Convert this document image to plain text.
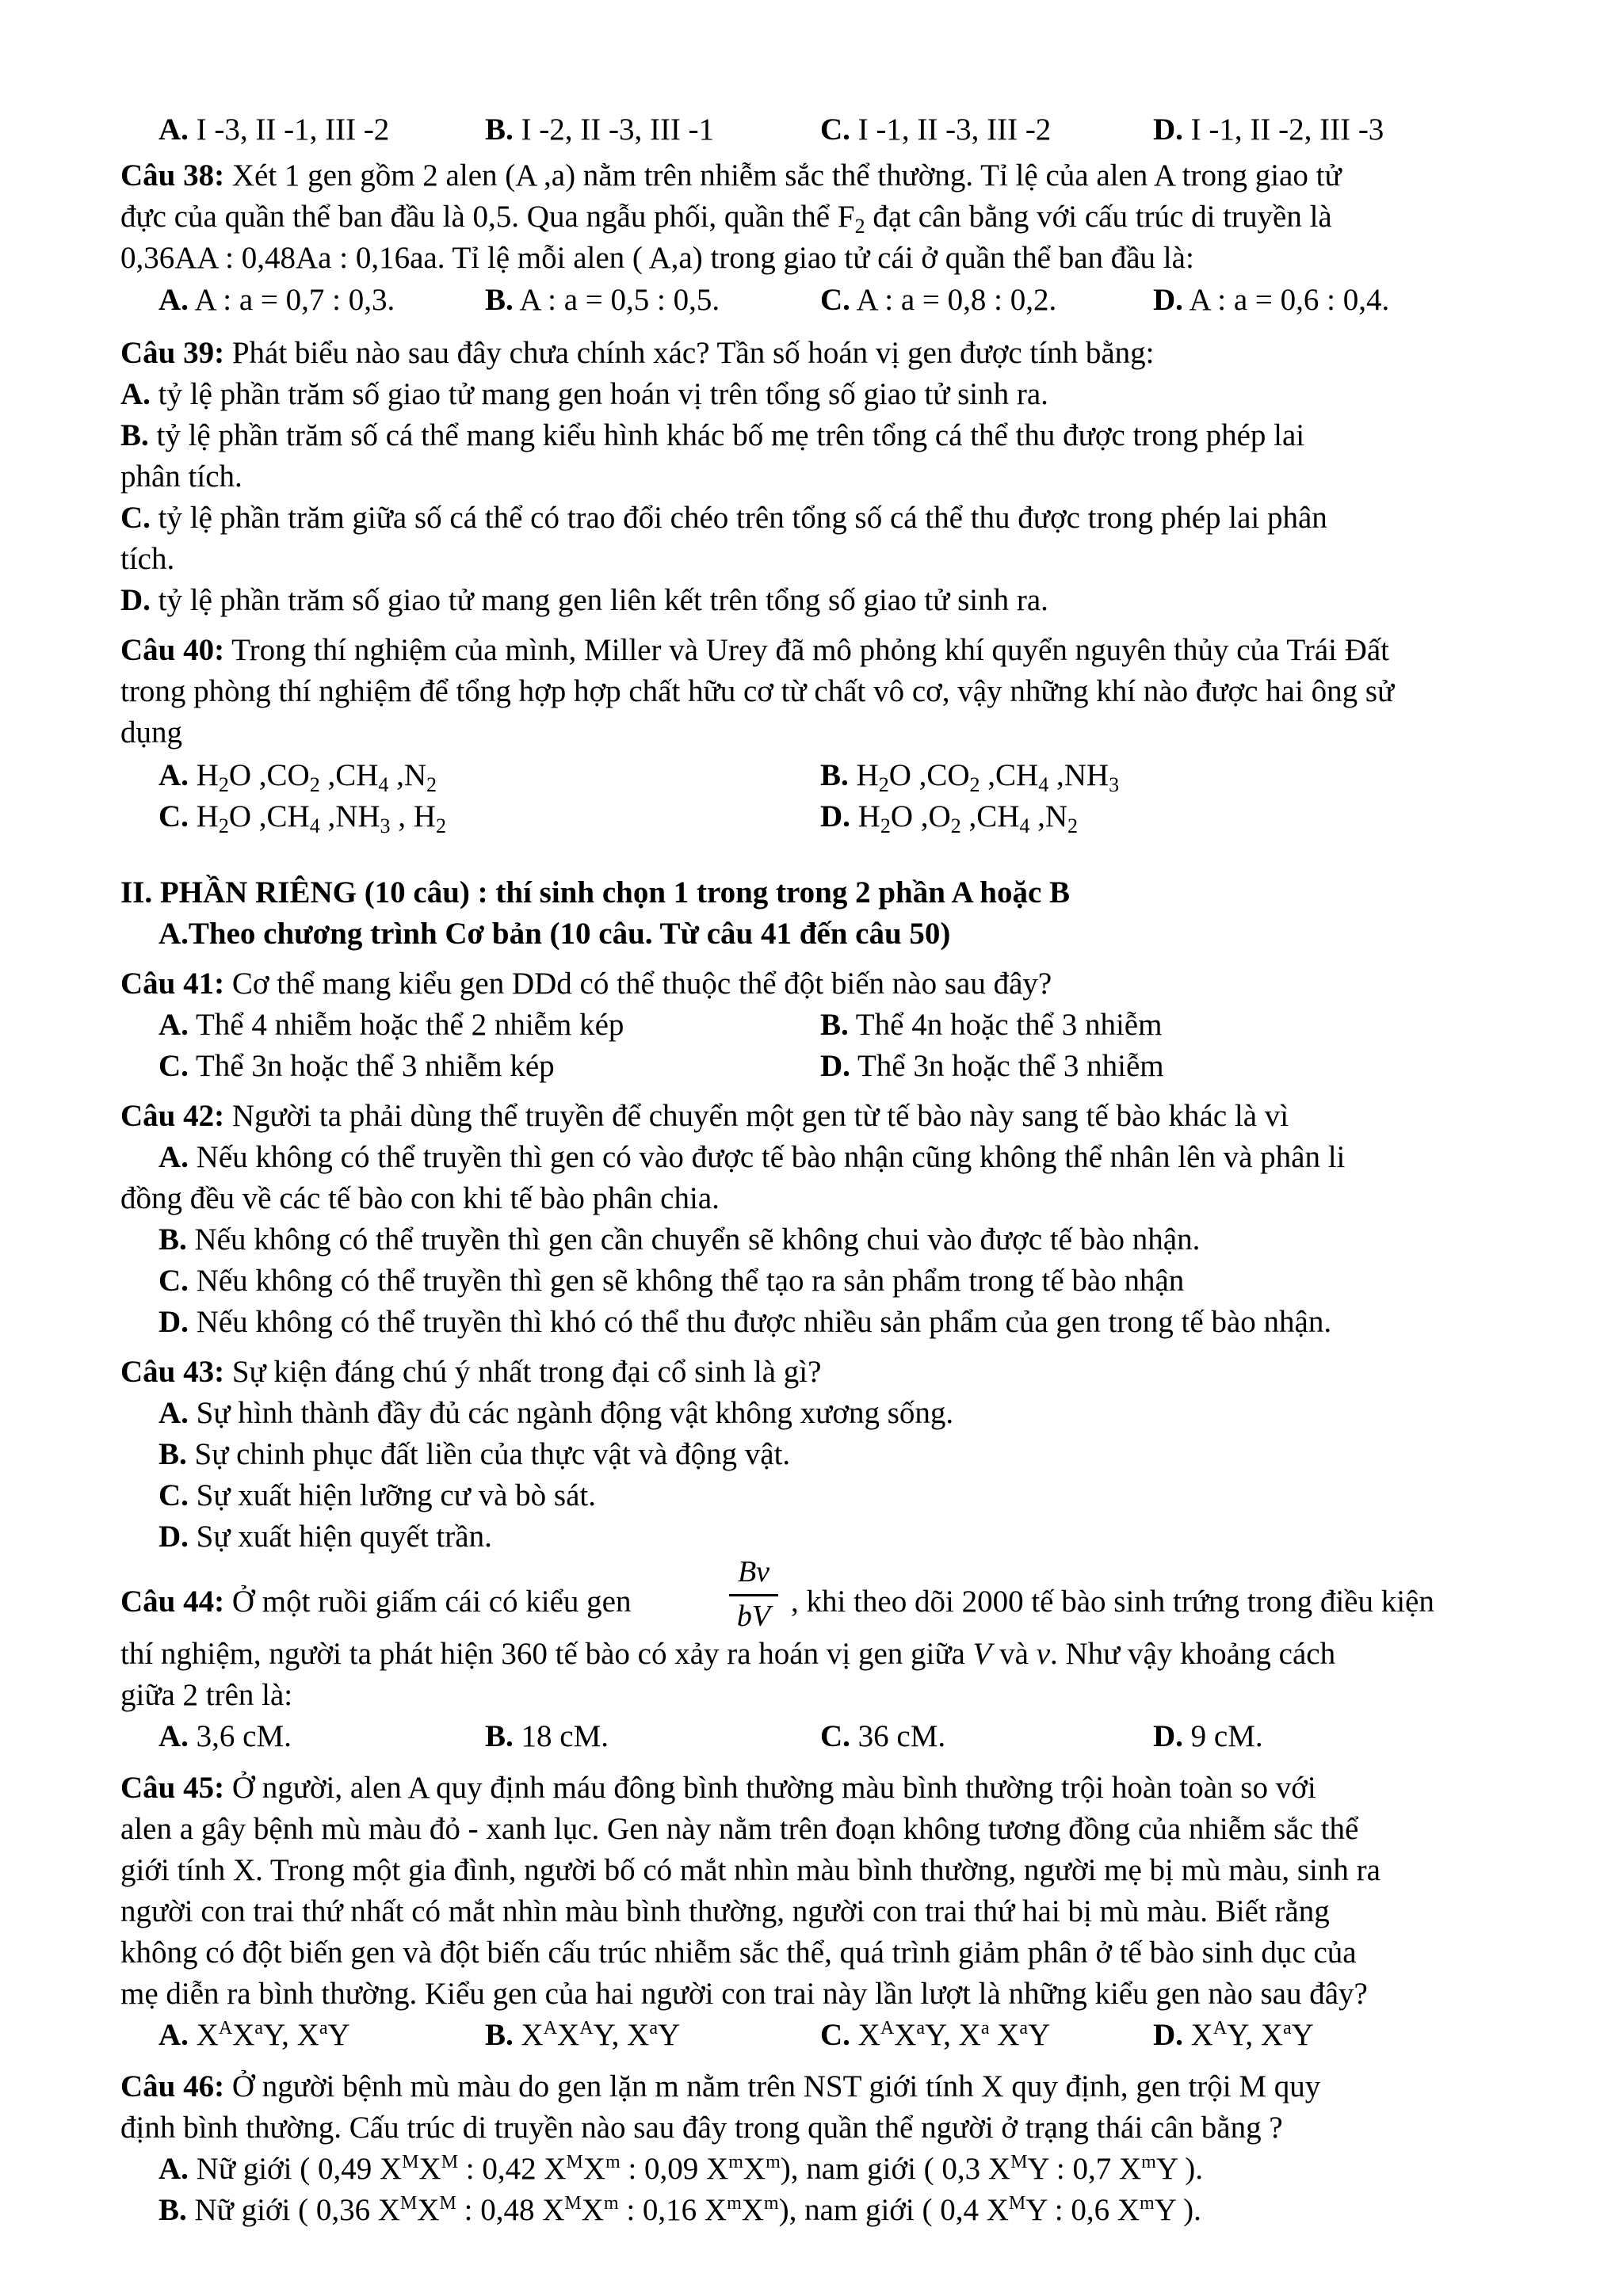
A. I -3, II -1, III -2	B. I -2, II -3, III -1	C. I -1, II -3, III -2	D. I -1, II -2, III -3
Câu 38: Xét 1 gen gồm 2 alen (A ,a) nằm trên nhiễm sắc thể thường. Tỉ lệ của alen A trong giao tử
đực của quần thể ban đầu là 0,5. Qua ngẫu phối, quần thể $F_2$ đạt cân bằng với cấu trúc di truyền là
0,36AA : 0,48Aa : 0,16aa. Tỉ lệ mỗi alen ( A,a) trong giao tử cái ở quần thể ban đầu là:
A. A : a = 0,7 : 0,3.	B. A : a = 0,5 : 0,5.	C. A : a = 0,8 : 0,2.	D. A : a = 0,6 : 0,4.
Câu 39: Phát biểu nào sau đây chưa chính xác? Tần số hoán vị gen được tính bằng:
A. tỷ lệ phần trăm số giao tử mang gen hoán vị trên tổng số giao tử sinh ra.
B. tỷ lệ phần trăm số cá thể mang kiểu hình khác bố mẹ trên tổng cá thể thu được trong phép lai
phân tích.
C. tỷ lệ phần trăm giữa số cá thể có trao đổi chéo trên tổng số cá thể thu được trong phép lai phân
tích.
D. tỷ lệ phần trăm số giao tử mang gen liên kết trên tổng số giao tử sinh ra.
Câu 40: Trong thí nghiệm của mình, Miller và Urey đã mô phỏng khí quyển nguyên thủy của Trái Đất
trong phòng thí nghiệm để tổng hợp hợp chất hữu cơ từ chất vô cơ, vậy những khí nào được hai ông sử
dụng
A. $H_2O$ $,CO_2$ $,CH_4$ $,N_2$	B. $H_2O$ $,CO_2$ $,CH_4$ $,NH_3$
C. $H_2O$ $,CH_4$ $,NH_3$ , $H_2$	D. $H_2O$ $,O_2$ $,CH_4$ $,N_2$
II. PHẦN RIÊNG (10 câu) : thí sinh chọn 1 trong trong 2 phần A hoặc B
A.Theo chương trình Cơ bản (10 câu. Từ câu 41 đến câu 50)
Câu 41: Cơ thể mang kiểu gen DDd có thể thuộc thể đột biến nào sau đây?
A. Thể 4 nhiễm hoặc thể 2 nhiễm kép	B. Thể 4n hoặc thể 3 nhiễm
C. Thể 3n hoặc thể 3 nhiễm kép	D. Thể 3n hoặc thể 3 nhiễm
Câu 42: Người ta phải dùng thể truyền để chuyển một gen từ tế bào này sang tế bào khác là vì
A. Nếu không có thể truyền thì gen có vào được tế bào nhận cũng không thể nhân lên và phân li
đồng đều về các tế bào con khi tế bào phân chia.
B. Nếu không có thể truyền thì gen cần chuyển sẽ không chui vào được tế bào nhận.
C. Nếu không có thể truyền thì gen sẽ không thể tạo ra sản phẩm trong tế bào nhận
D. Nếu không có thể truyền thì khó có thể thu được nhiều sản phẩm của gen trong tế bào nhận.
Câu 43: Sự kiện đáng chú ý nhất trong đại cổ sinh là gì?
A. Sự hình thành đầy đủ các ngành động vật không xương sống.
B. Sự chinh phục đất liền của thực vật và động vật.
C. Sự xuất hiện lưỡng cư và bò sát.
D. Sự xuất hiện quyết trần.
Câu 44: Ở một ruồi giấm cái có kiểu gen
Bv
bV , khi theo dõi 2000 tế bào sinh trứng trong điều kiện
thí nghiệm, người ta phát hiện 360 tế bào có xảy ra hoán vị gen giữa V và v. Như vậy khoảng cách
giữa 2 trên là:
A. 3,6 cM.	B. 18 cM.	C. 36 cM.	D. 9 cM.
Câu 45: Ở người, alen A quy định máu đông bình thường màu bình thường trội hoàn toàn so với
alen a gây bệnh mù màu đỏ - xanh lục. Gen này nằm trên đoạn không tương đồng của nhiễm sắc thể
giới tính X. Trong một gia đình, người bố có mắt nhìn màu bình thường, người mẹ bị mù màu, sinh ra
người con trai thứ nhất có mắt nhìn màu bình thường, người con trai thứ hai bị mù màu. Biết rằng
không có đột biến gen và đột biến cấu trúc nhiễm sắc thể, quá trình giảm phân ở tế bào sinh dục của
mẹ diễn ra bình thường. Kiểu gen của hai người con trai này lần lượt là những kiểu gen nào sau đây?
A. $X^AX^aY$, $X^aY$	B. $X^AX^AY$, $X^aY$	C. $X^AX^aY$, $X^a$ $X^aY$	D. $X^AY$, $X^aY$
Câu 46: Ở người bệnh mù màu do gen lặn m nằm trên NST giới tính X quy định, gen trội M quy
định bình thường. Cấu trúc di truyền nào sau đây trong quần thể người ở trạng thái cân bằng ?
A. Nữ giới ( 0,49 $X^MX^M$ : 0,42 $X^MX^m$ : 0,09 $X^mX^m$), nam giới ( 0,3 $X^MY$ : 0,7 $X^mY$ ).
B. Nữ giới ( 0,36 $X^MX^M$ : 0,48 $X^MX^m$ : 0,16 $X^mX^m$), nam giới ( 0,4 $X^MY$ : 0,6 $X^mY$ ).
